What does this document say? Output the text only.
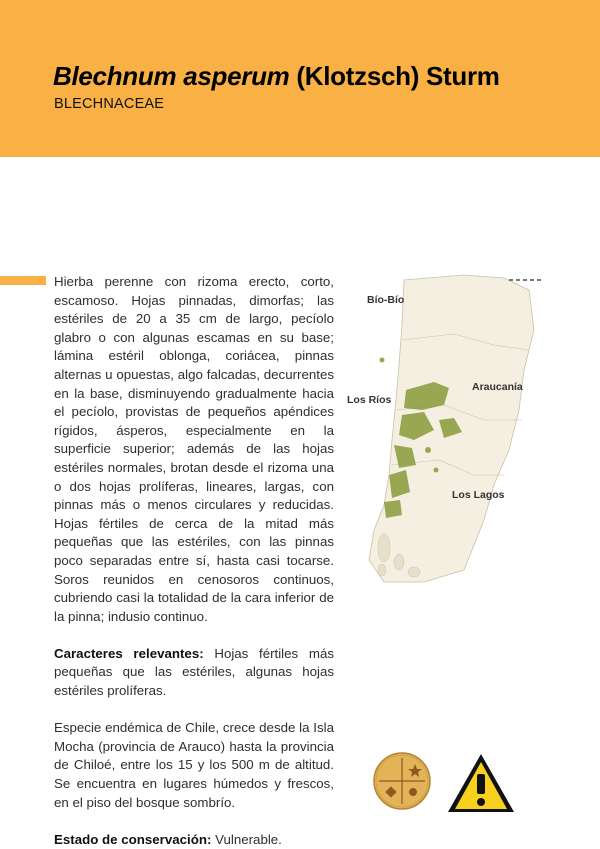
Blechnum asperum (Klotzsch) Sturm
BLECHNACEAE

Hierba perenne con rizoma erecto, corto, escamoso. Hojas pinnadas, dimorfas; las estériles de 20 a 35 cm de largo, pecíolo glabro o con algunas escamas en su base; lámina estéril oblonga, coriácea, pinnas alternas u opuestas, algo falcadas, decurrentes en la base, disminuyendo gradualmente hacia el pecíolo, provistas de pequeños apéndices rígidos, ásperos, especialmente en la superficie superior; además de las hojas estériles normales, brotan desde el rizoma una o dos hojas prolíferas, lineares, largas, con pinnas más o menos circulares y reducidas. Hojas fértiles de cerca de la mitad más pequeñas que las estériles, con las pinnas poco separadas entre sí, hasta casi tocarse. Soros reunidos en cenosoros continuos, cubriendo casi la totalidad de la cara inferior de la pinna; indusio continuo.

Caracteres relevantes: Hojas fértiles más pequeñas que las estériles, algunas hojas estériles prolíferas.

Especie endémica de Chile, crece desde la Isla Mocha (provincia de Arauco) hasta la provincia de Chiloé, entre los 15 y los 500 m de altitud. Se encuentra en lugares húmedos y frescos, en el piso del bosque sombrío.

Estado de conservación: Vulnerable.

Bío-Bío
Araucanía
Los Ríos
Los Lagos
